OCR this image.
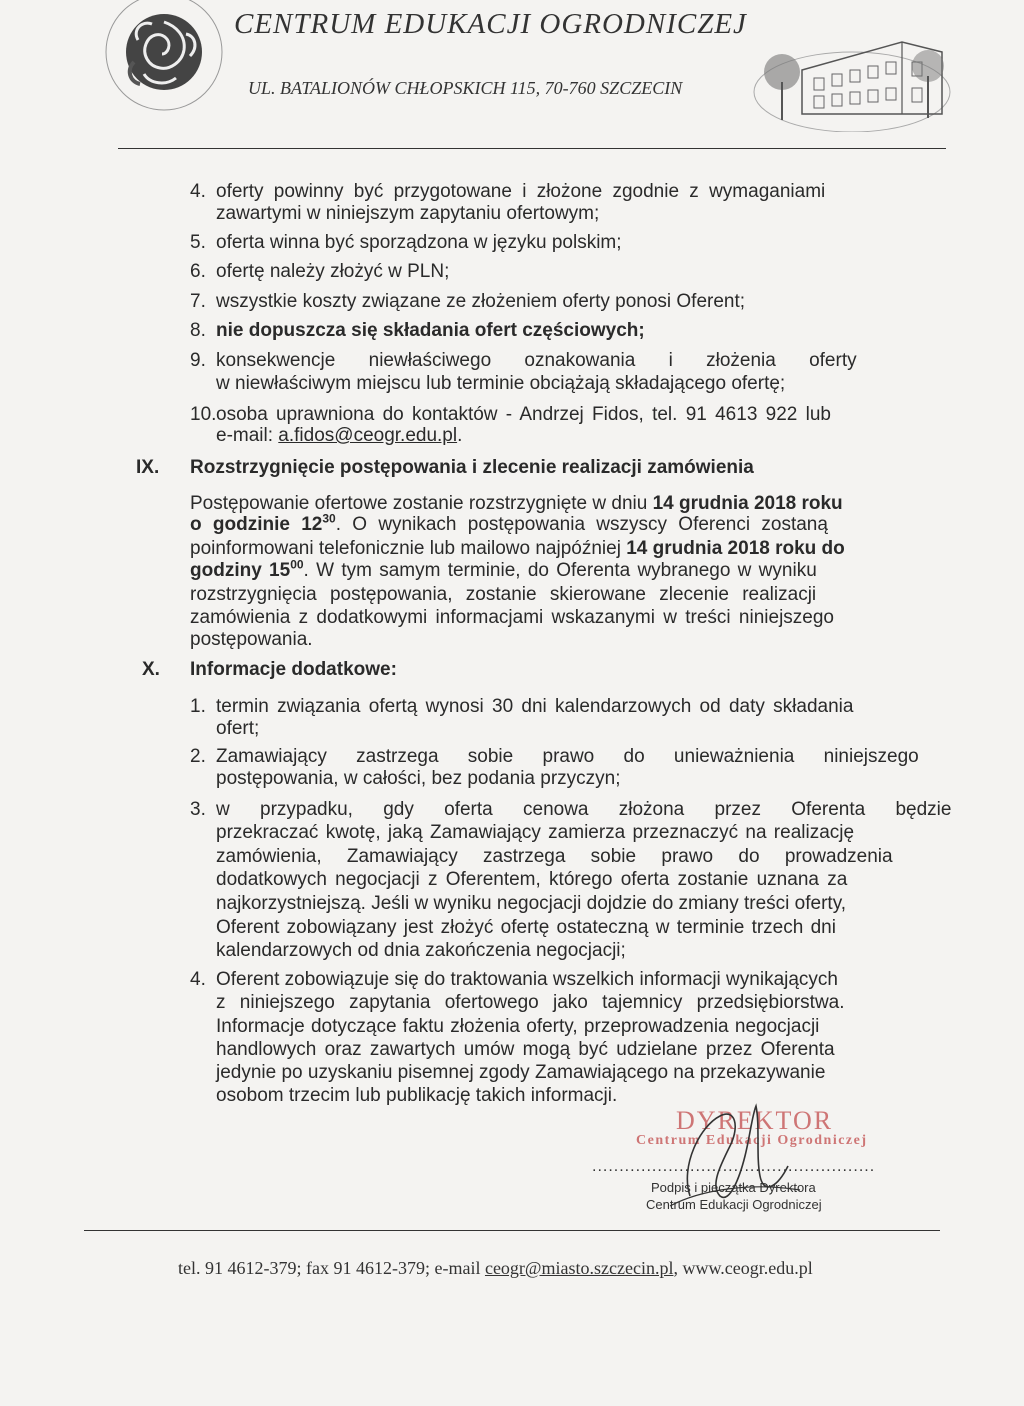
CENTRUM EDUKACJI OGRODNICZEJ
UL. BATALIONÓW CHŁOPSKICH 115, 70-760 SZCZECIN
4. oferty powinny być przygotowane i złożone zgodnie z wymaganiami
zawartymi w niniejszym zapytaniu ofertowym;
5. oferta winna być sporządzona w języku polskim;
6. ofertę należy złożyć w PLN;
7. wszystkie koszty związane ze złożeniem oferty ponosi Oferent;
8. nie dopuszcza się składania ofert częściowych;
9. konsekwencje niewłaściwego oznakowania i złożenia oferty
w niewłaściwym miejscu lub terminie obciążają składającego ofertę;
10. osoba uprawniona do kontaktów - Andrzej Fidos, tel. 91 4613 922 lub
e-mail: a.fidos@ceogr.edu.pl.
IX. Rozstrzygnięcie postępowania i zlecenie realizacji zamówienia
Postępowanie ofertowe zostanie rozstrzygnięte w dniu 14 grudnia 2018 roku
o godzinie $12^{30}$. O wynikach postępowania wszyscy Oferenci zostaną
poinformowani telefonicznie lub mailowo najpóźniej 14 grudnia 2018 roku do
godziny $15^{00}$. W tym samym terminie, do Oferenta wybranego w wyniku
rozstrzygnięcia postępowania, zostanie skierowane zlecenie realizacji
zamówienia z dodatkowymi informacjami wskazanymi w treści niniejszego
postępowania.
X. Informacje dodatkowe:
1. termin związania ofertą wynosi 30 dni kalendarzowych od daty składania
ofert;
2. Zamawiający zastrzega sobie prawo do unieważnienia niniejszego
postępowania, w całości, bez podania przyczyn;
3. w przypadku, gdy oferta cenowa złożona przez Oferenta będzie
przekraczać kwotę, jaką Zamawiający zamierza przeznaczyć na realizację
zamówienia, Zamawiający zastrzega sobie prawo do prowadzenia
dodatkowych negocjacji z Oferentem, którego oferta zostanie uznana za
najkorzystniejszą. Jeśli w wyniku negocjacji dojdzie do zmiany treści oferty,
Oferent zobowiązany jest złożyć ofertę ostateczną w terminie trzech dni
kalendarzowych od dnia zakończenia negocjacji;
4. Oferent zobowiązuje się do traktowania wszelkich informacji wynikających
z niniejszego zapytania ofertowego jako tajemnicy przedsiębiorstwa.
Informacje dotyczące faktu złożenia oferty, przeprowadzenia negocjacji
handlowych oraz zawartych umów mogą być udzielane przez Oferenta
jedynie po uzyskaniu pisemnej zgody Zamawiającego na przekazywanie
osobom trzecim lub publikację takich informacji.
DYREKTOR
Centrum Edukacji Ogrodniczej
....................................................
Podpis i pieczątka Dyrektora
Centrum Edukacji Ogrodniczej
tel. 91 4612-379; fax 91 4612-379; e-mail ceogr@miasto.szczecin.pl, www.ceogr.edu.pl
